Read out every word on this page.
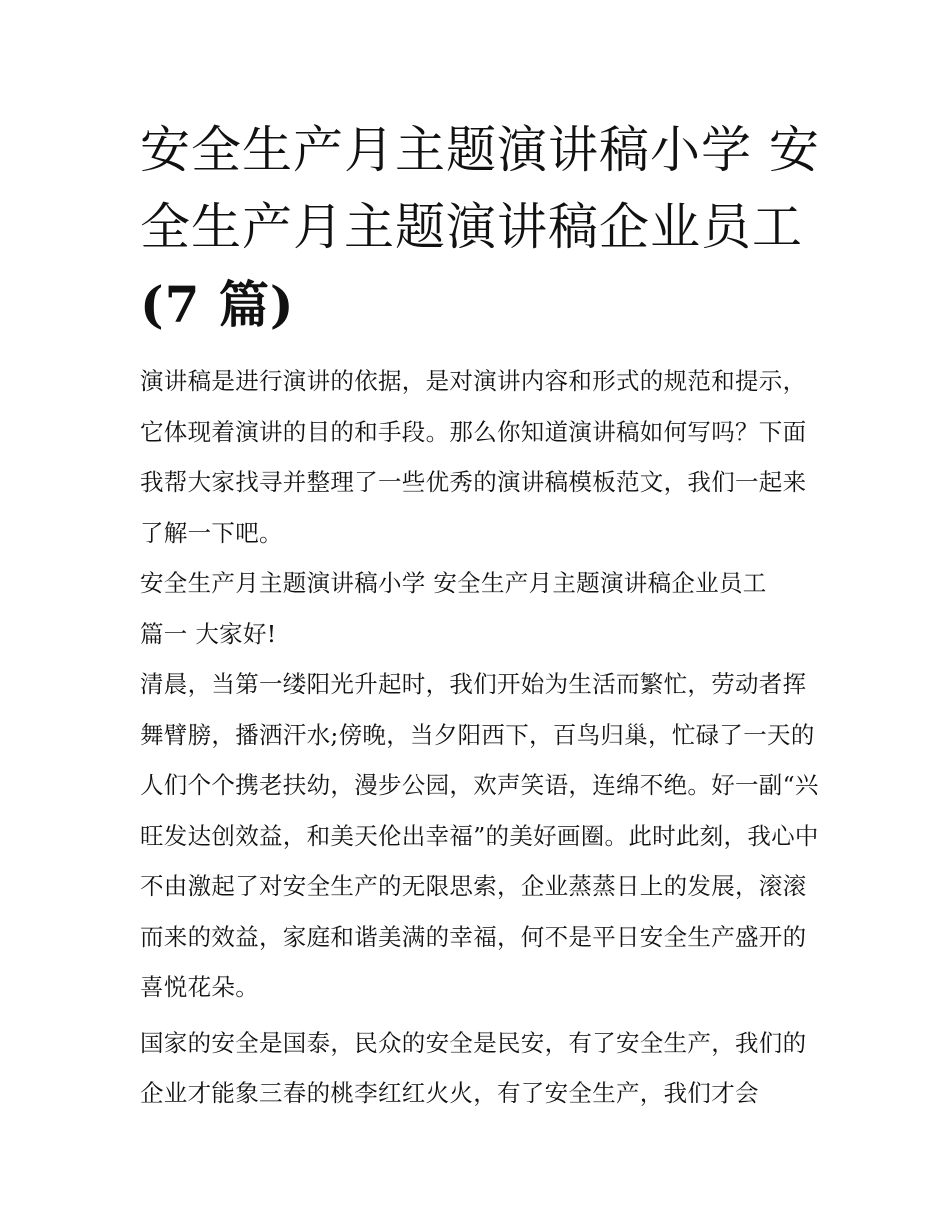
安全生产月主题演讲稿小学 安
全生产月主题演讲稿企业员工
(7 篇)

演讲稿是进行演讲的依据，是对演讲内容和形式的规范和提示，它体现着演讲的目的和手段。那么你知道演讲稿如何写吗？下面我帮大家找寻并整理了一些优秀的演讲稿模板范文，我们一起来了解一下吧。

安全生产月主题演讲稿小学 安全生产月主题演讲稿企业员工

篇一 大家好!

清晨，当第一缕阳光升起时，我们开始为生活而繁忙，劳动者挥舞臂膀，播洒汗水;傍晚，当夕阳西下，百鸟归巢，忙碌了一天的人们个个携老扶幼，漫步公园，欢声笑语，连绵不绝。好一副“兴旺发达创效益，和美天伦出幸福”的美好画圈。此时此刻，我心中不由激起了对安全生产的无限思索，企业蒸蒸日上的发展，滚滚而来的效益，家庭和谐美满的幸福，何不是平日安全生产盛开的喜悦花朵。

国家的安全是国泰，民众的安全是民安，有了安全生产，我们的企业才能象三春的桃李红红火火，有了安全生产，我们才会
